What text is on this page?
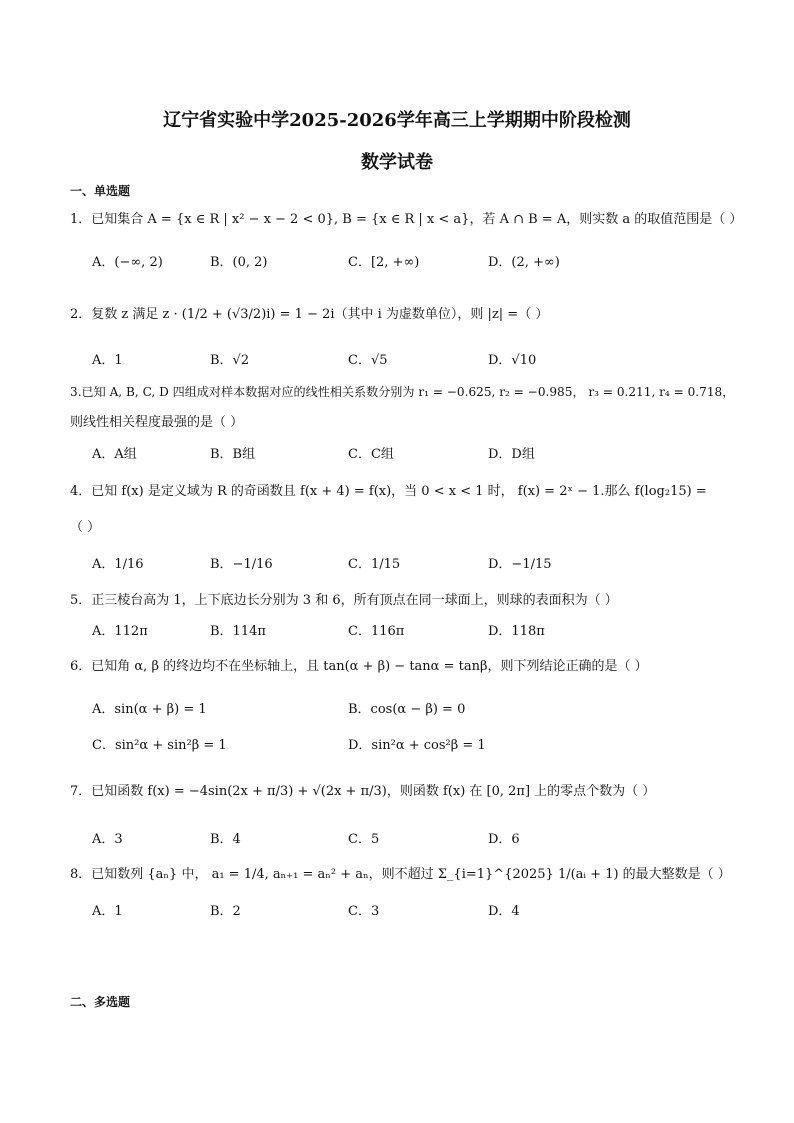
辽宁省实验中学2025-2026学年高三上学期期中阶段检测
数学试卷
一、单选题
1．已知集合 A = {x ∈ R | x² − x − 2 < 0}, B = {x ∈ R | x < a}，若 A ∩ B = A，则实数 a 的取值范围是（ ）
A．(−∞, 2)	B．(0, 2)	C．[2, +∞)	D．(2, +∞)
2．复数 z 满足 z · (1/2 + (√3/2)i) = 1 − 2i（其中 i 为虚数单位），则 |z| =（ ）
A．1	B．√2	C．√5	D．√10
3.已知 A, B, C, D 四组成对样本数据对应的线性相关系数分别为 r₁ = −0.625, r₂ = −0.985， r₃ = 0.211, r₄ = 0.718，
则线性相关程度最强的是（ ）
A．A组	B．B组	C．C组	D．D组
4．已知 f(x) 是定义域为 R 的奇函数且 f(x + 4) = f(x)，当 0 < x < 1 时， f(x) = 2ˣ − 1.那么 f(log₂15) =
（ ）
A．1/16	B．−1/16	C．1/15	D．−1/15
5．正三棱台高为 1，上下底边长分别为 3 和 6，所有顶点在同一球面上，则球的表面积为（ ）
A．112π	B．114π	C．116π	D．118π
6．已知角 α, β 的终边均不在坐标轴上，且 tan(α + β) − tanα = tanβ，则下列结论正确的是（ ）
A．sin(α + β) = 1	B．cos(α − β) = 0
C．sin²α + sin²β = 1	D．sin²α + cos²β = 1
7．已知函数 f(x) = −4sin(2x + π/3) + √(2x + π/3)，则函数 f(x) 在 [0, 2π] 上的零点个数为（ ）
A．3	B．4	C．5	D．6
8．已知数列 {aₙ} 中， a₁ = 1/4, aₙ₊₁ = aₙ² + aₙ，则不超过 Σ_{i=1}^{2025} 1/(aᵢ + 1) 的最大整数是（ ）
A．1	B．2	C．3	D．4
二、多选题
